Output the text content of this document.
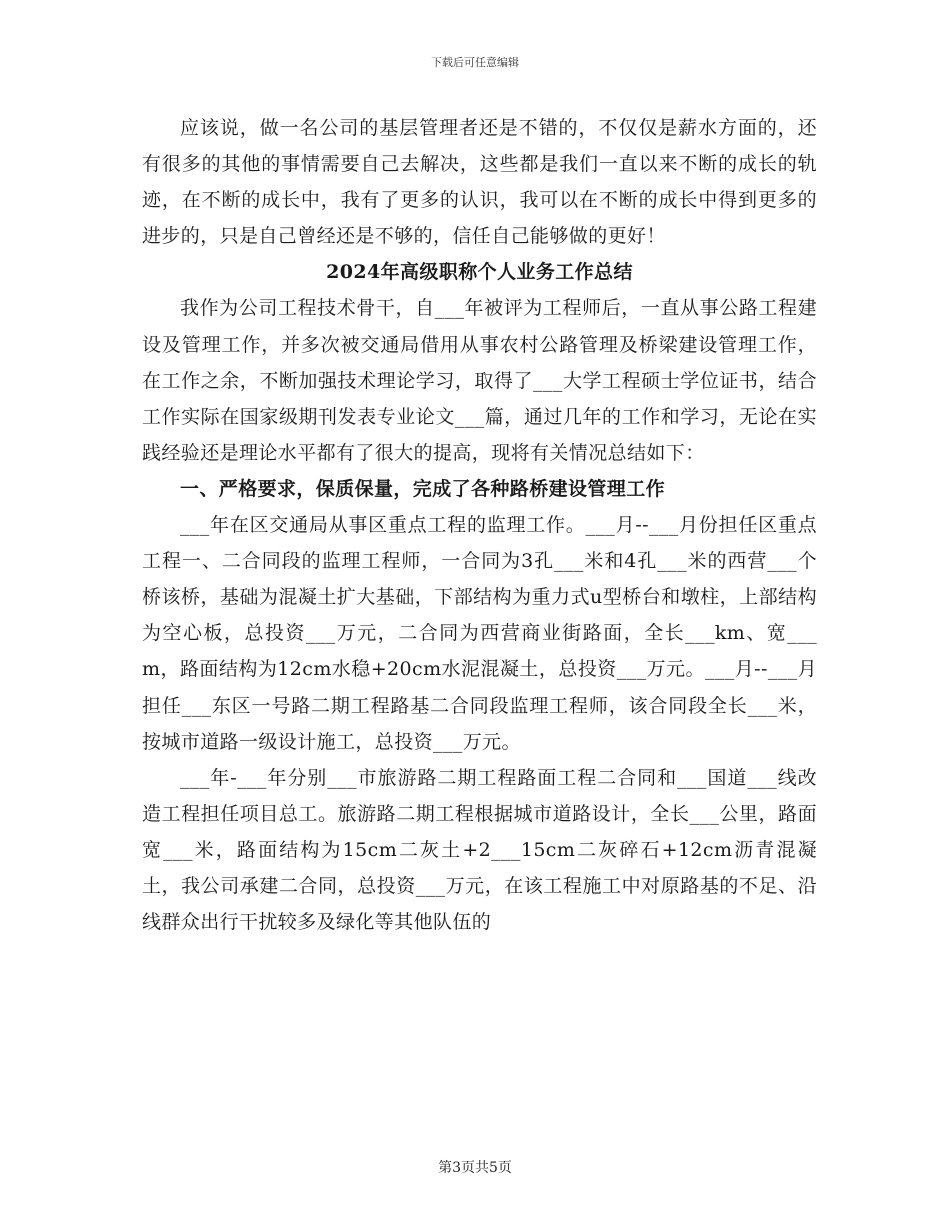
下载后可任意编辑

应该说，做一名公司的基层管理者还是不错的，不仅仅是薪水方面的，还有很多的其他的事情需要自己去解决，这些都是我们一直以来不断的成长的轨迹，在不断的成长中，我有了更多的认识，我可以在不断的成长中得到更多的进步的，只是自己曾经还是不够的，信任自己能够做的更好！

2024年高级职称个人业务工作总结

我作为公司工程技术骨干，自___年被评为工程师后，一直从事公路工程建设及管理工作，并多次被交通局借用从事农村公路管理及桥梁建设管理工作，在工作之余，不断加强技术理论学习，取得了___大学工程硕士学位证书，结合工作实际在国家级期刊发表专业论文___篇，通过几年的工作和学习，无论在实践经验还是理论水平都有了很大的提高，现将有关情况总结如下：

一、严格要求，保质保量，完成了各种路桥建设管理工作

___年在区交通局从事区重点工程的监理工作。___月--___月份担任区重点工程一、二合同段的监理工程师，一合同为3孔___米和4孔___米的西营___个桥该桥，基础为混凝土扩大基础，下部结构为重力式u型桥台和墩柱，上部结构为空心板，总投资___万元，二合同为西营商业街路面，全长___km、宽___m，路面结构为12cm水稳+20cm水泥混凝土，总投资___万元。___月--___月担任___东区一号路二期工程路基二合同段监理工程师，该合同段全长___米，按城市道路一级设计施工，总投资___万元。

___年-___年分别___市旅游路二期工程路面工程二合同和___国道___线改造工程担任项目总工。旅游路二期工程根据城市道路设计，全长___公里，路面宽___米，路面结构为15cm二灰土+2___15cm二灰碎石+12cm沥青混凝土，我公司承建二合同，总投资___万元，在该工程施工中对原路基的不足、沿线群众出行干扰较多及绿化等其他队伍的

第3页共5页
